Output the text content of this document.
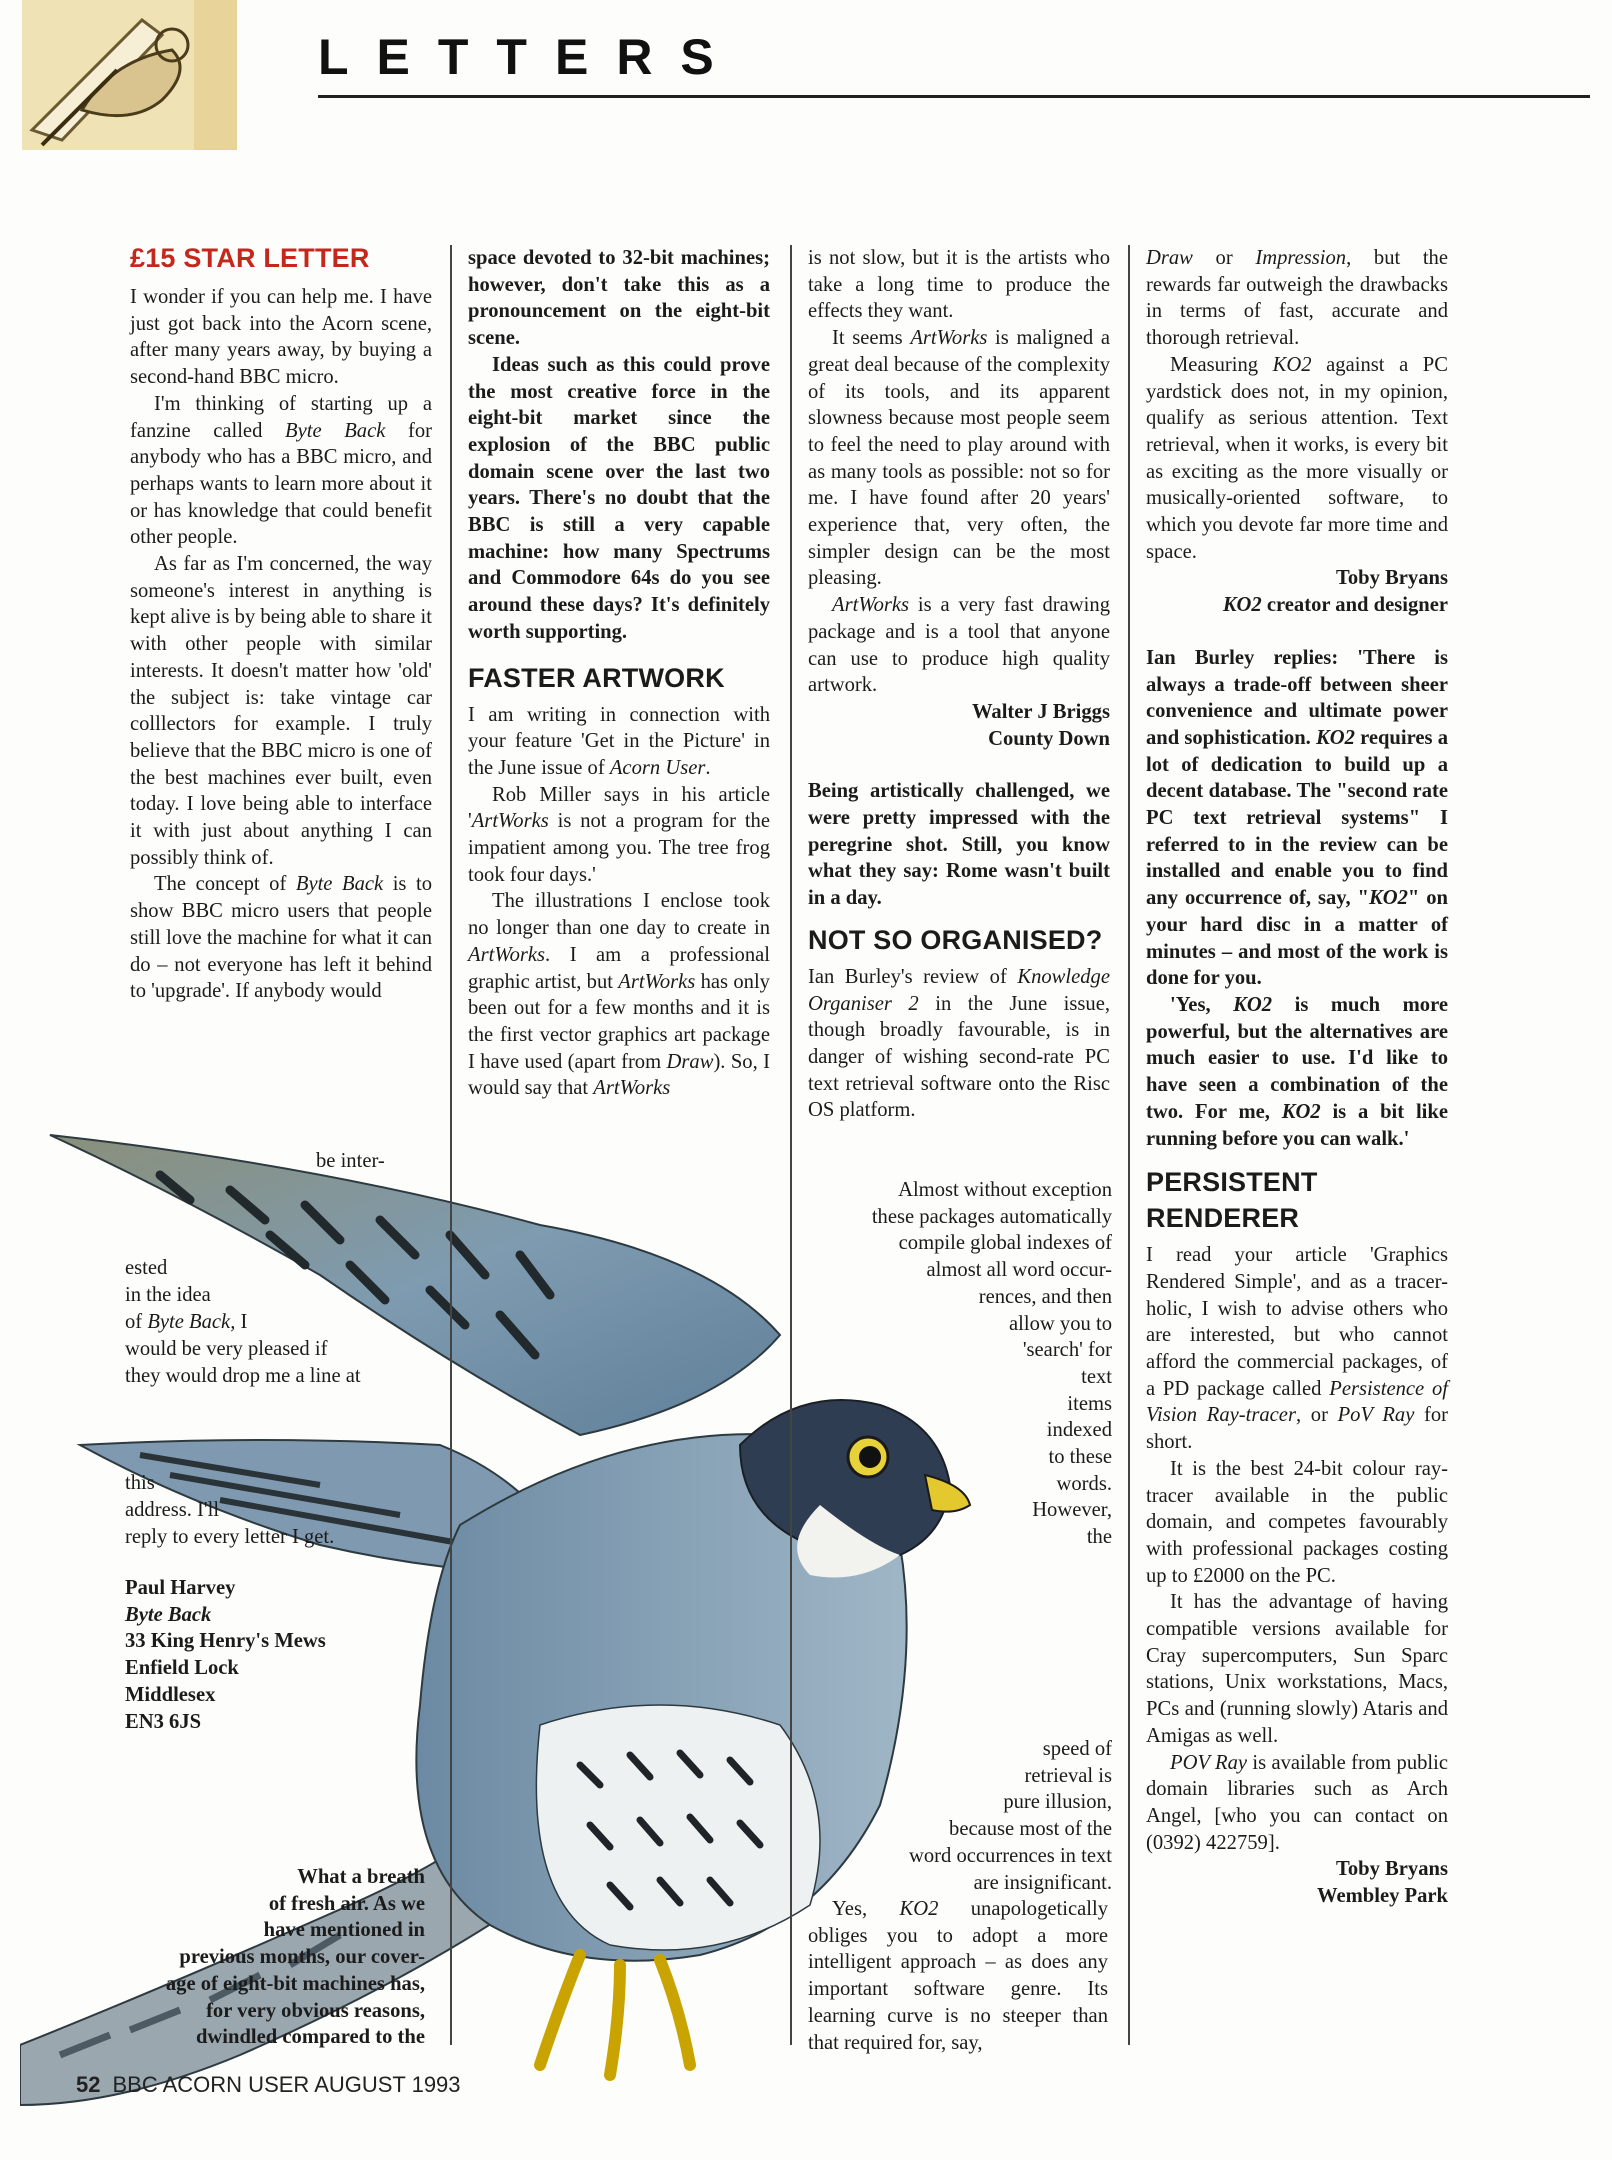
LETTERS
£15 STAR LETTER

I wonder if you can help me. I have just got back into the Acorn scene, after many years away, by buying a second-hand BBC micro.

I'm thinking of starting up a fanzine called Byte Back for anybody who has a BBC micro, and perhaps wants to learn more about it or has knowledge that could benefit other people.

As far as I'm concerned, the way someone's interest in anything is kept alive is by being able to share it with other people with similar interests. It doesn't matter how 'old' the subject is: take vintage car colllectors for example. I truly believe that the BBC micro is one of the best machines ever built, even today. I love being able to interface it with just about anything I can possibly think of.

The concept of Byte Back is to show BBC micro users that people still love the machine for what it can do – not everyone has left it behind to 'upgrade'. If anybody would

be inter-
ested
in the idea
of Byte Back, I
would be very pleased if
they would drop me a line at
this
address. I'll
reply to every letter I get.
Paul Harvey
Byte Back
33 King Henry's Mews
Enfield Lock
Middlesex
EN3 6JS
What a breath
of fresh air. As we
have mentioned in
previous months, our cover-
age of eight-bit machines has,
for very obvious reasons,
dwindled compared to the

space devoted to 32-bit machines; however, don't take this as a pronouncement on the eight-bit scene.

Ideas such as this could prove the most creative force in the eight-bit market since the explosion of the BBC public domain scene over the last two years. There's no doubt that the BBC is still a very capable machine: how many Spectrums and Commodore 64s do you see around these days? It's definitely worth supporting.

FASTER ARTWORK

I am writing in connection with your feature 'Get in the Picture' in the June issue of Acorn User.

Rob Miller says in his article 'ArtWorks is not a program for the impatient among you. The tree frog took four days.'

The illustrations I enclose took no longer than one day to create in ArtWorks. I am a professional graphic artist, but ArtWorks has only been out for a few months and it is the first vector graphics art package I have used (apart from Draw). So, I would say that ArtWorks

is not slow, but it is the artists who take a long time to produce the effects they want.

It seems ArtWorks is maligned a great deal because of the complexity of its tools, and its apparent slowness because most people seem to feel the need to play around with as many tools as possible: not so for me. I have found after 20 years' experience that, very often, the simpler design can be the most pleasing.

ArtWorks is a very fast drawing package and is a tool that anyone can use to produce high quality artwork.

Walter J Briggs

County Down

Being artistically challenged, we were pretty impressed with the peregrine shot. Still, you know what they say: Rome wasn't built in a day.

NOT SO ORGANISED?

Ian Burley's review of Knowledge Organiser 2 in the June issue, though broadly favourable, is in danger of wishing second-rate PC text retrieval software onto the Risc OS platform.

Almost without exception
these packages automatically
compile global indexes of
almost all word occur-
rences, and then
allow you to
'search' for
text
items
indexed
to these
words.
However,
the
speed of
retrieval is
pure illusion,
because most of the
word occurrences in text
are insignificant.

Yes, KO2 unapologetically obliges you to adopt a more intelligent approach – as does any important software genre. Its learning curve is no steeper than that required for, say,

Draw or Impression, but the rewards far outweigh the drawbacks in terms of fast, accurate and thorough retrieval.

Measuring KO2 against a PC yardstick does not, in my opinion, qualify as serious attention. Text retrieval, when it works, is every bit as exciting as the more visually or musically-oriented software, to which you devote far more time and space.

Toby Bryans

KO2 creator and designer

Ian Burley replies: 'There is always a trade-off between sheer convenience and ultimate power and sophistication. KO2 requires a lot of dedication to build up a decent database. The "second rate PC text retrieval systems" I referred to in the review can be installed and enable you to find any occurrence of, say, "KO2" on your hard disc in a matter of minutes – and most of the work is done for you.

'Yes, KO2 is much more powerful, but the alternatives are much easier to use. I'd like to have seen a combination of the two. For me, KO2 is a bit like running before you can walk.'

PERSISTENT RENDERER

I read your article 'Graphics Rendered Simple', and as a tracer-holic, I wish to advise others who are interested, but who cannot afford the commercial packages, of a PD package called Persistence of Vision Ray-tracer, or PoV Ray for short.

It is the best 24-bit colour ray-tracer available in the public domain, and competes favourably with professional packages costing up to £2000 on the PC.

It has the advantage of having compatible versions available for Cray supercomputers, Sun Sparc stations, Unix workstations, Macs, PCs and (running slowly) Ataris and Amigas as well.

POV Ray is available from public domain libraries such as Arch Angel, [who you can contact on (0392) 422759].

Toby Bryans

Wembley Park

52 BBC ACORN USER AUGUST 1993
